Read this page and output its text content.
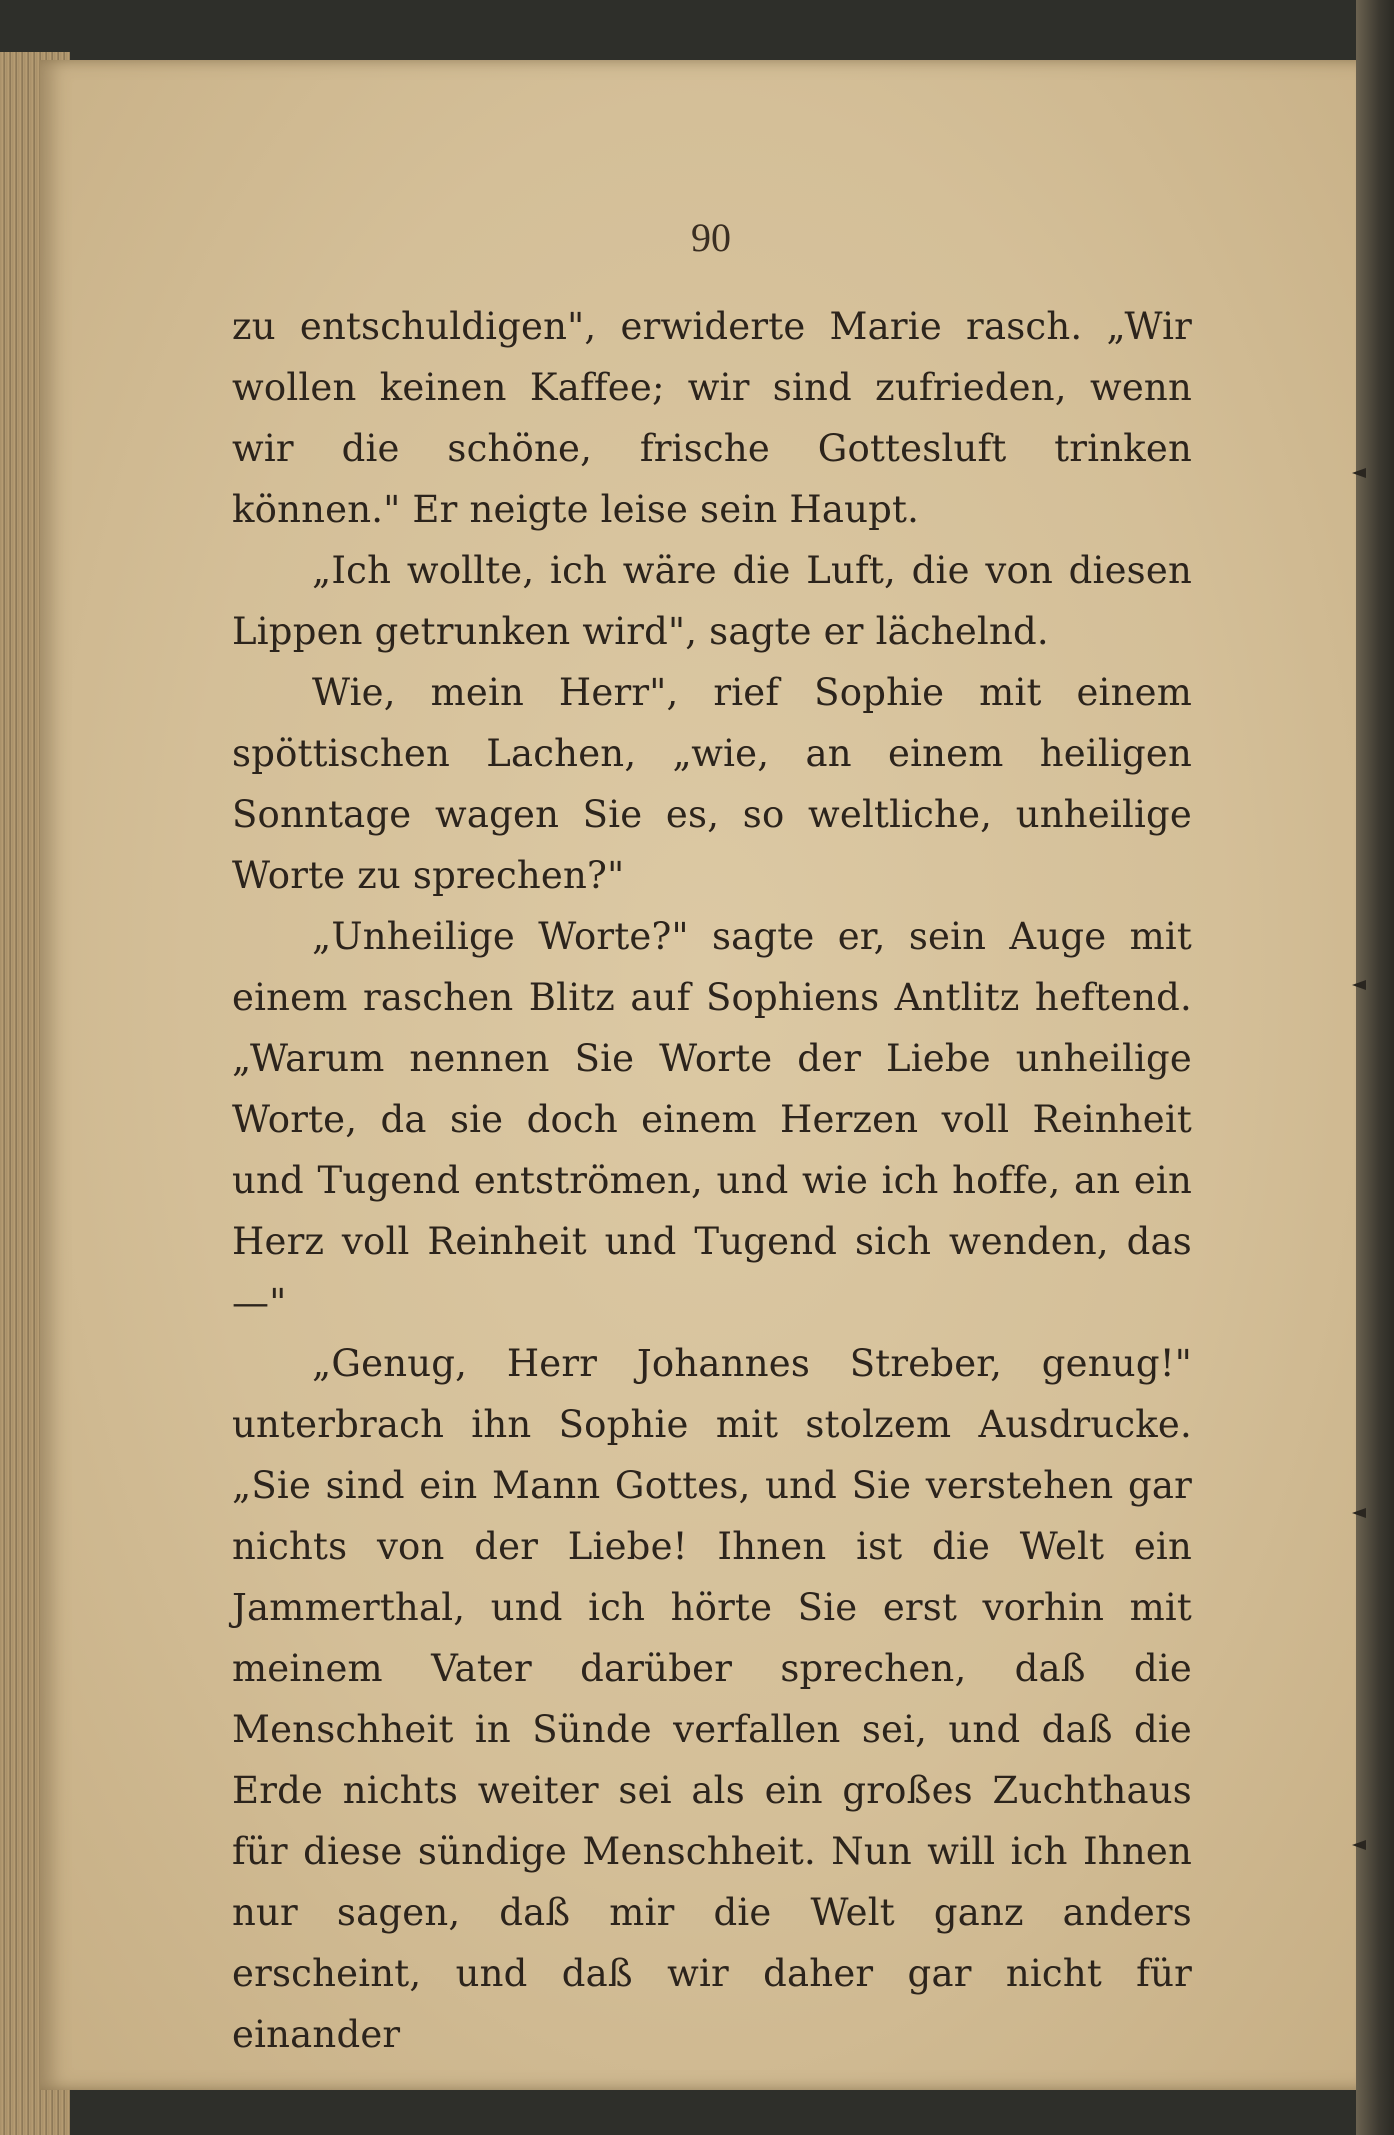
90

zu entschuldigen", erwiderte Marie rasch. „Wir wollen keinen Kaffee; wir sind zufrieden, wenn wir die schöne, frische Gottesluft trinken können." Er neigte leise sein Haupt.

„Ich wollte, ich wäre die Luft, die von diesen Lippen getrunken wird", sagte er lächelnd.

Wie, mein Herr", rief Sophie mit einem spöttischen Lachen, „wie, an einem heiligen Sonntage wagen Sie es, so weltliche, unheilige Worte zu sprechen?"

„Unheilige Worte?" sagte er, sein Auge mit einem raschen Blitz auf Sophiens Antlitz heftend. „Warum nennen Sie Worte der Liebe unheilige Worte, da sie doch einem Herzen voll Reinheit und Tugend entströmen, und wie ich hoffe, an ein Herz voll Reinheit und Tugend sich wenden, das —"

„Genug, Herr Johannes Streber, genug!" unterbrach ihn Sophie mit stolzem Ausdrucke. „Sie sind ein Mann Gottes, und Sie verstehen gar nichts von der Liebe! Ihnen ist die Welt ein Jammerthal, und ich hörte Sie erst vorhin mit meinem Vater darüber sprechen, daß die Menschheit in Sünde verfallen sei, und daß die Erde nichts weiter sei als ein großes Zuchthaus für diese sündige Menschheit. Nun will ich Ihnen nur sagen, daß mir die Welt ganz anders erscheint, und daß wir daher gar nicht für einander
